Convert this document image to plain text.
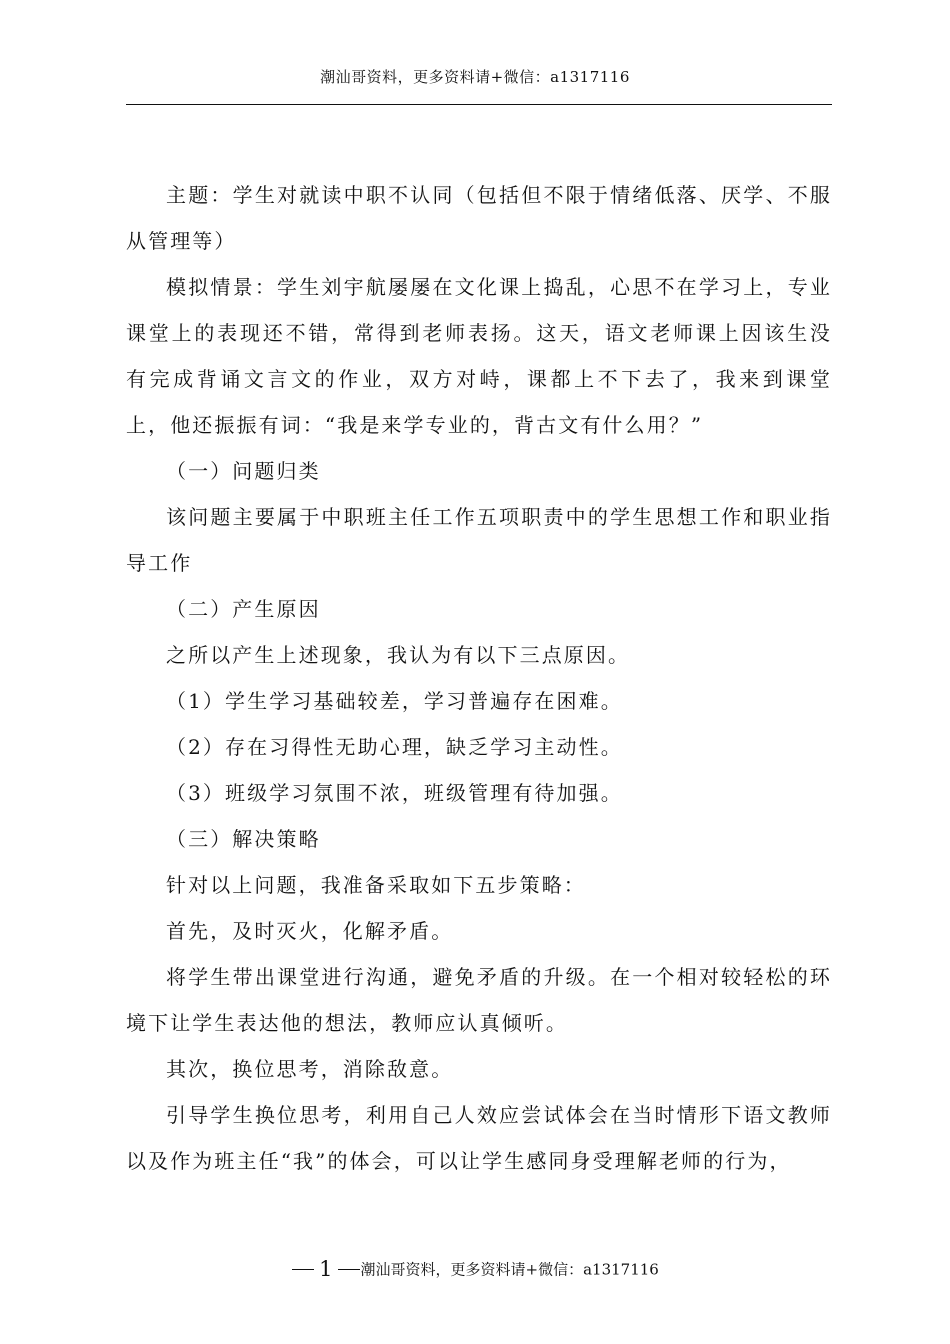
潮汕哥资料，更多资料请+微信：a1317116

主题：学生对就读中职不认同（包括但不限于情绪低落、厌学、不服从管理等）

模拟情景：学生刘宇航屡屡在文化课上捣乱，心思不在学习上，专业课堂上的表现还不错，常得到老师表扬。这天，语文老师课上因该生没有完成背诵文言文的作业，双方对峙，课都上不下去了，我来到课堂上，他还振振有词：“我是来学专业的，背古文有什么用？”

（一）问题归类

该问题主要属于中职班主任工作五项职责中的学生思想工作和职业指导工作

（二）产生原因

之所以产生上述现象，我认为有以下三点原因。

（1）学生学习基础较差，学习普遍存在困难。

（2）存在习得性无助心理，缺乏学习主动性。

（3）班级学习氛围不浓，班级管理有待加强。

（三）解决策略

针对以上问题，我准备采取如下五步策略：

首先，及时灭火，化解矛盾。

将学生带出课堂进行沟通，避免矛盾的升级。在一个相对较轻松的环境下让学生表达他的想法，教师应认真倾听。

其次，换位思考，消除敌意。

引导学生换位思考，利用自己人效应尝试体会在当时情形下语文教师以及作为班主任“我”的体会，可以让学生感同身受理解老师的行为，

1 潮汕哥资料，更多资料请+微信：a1317116
